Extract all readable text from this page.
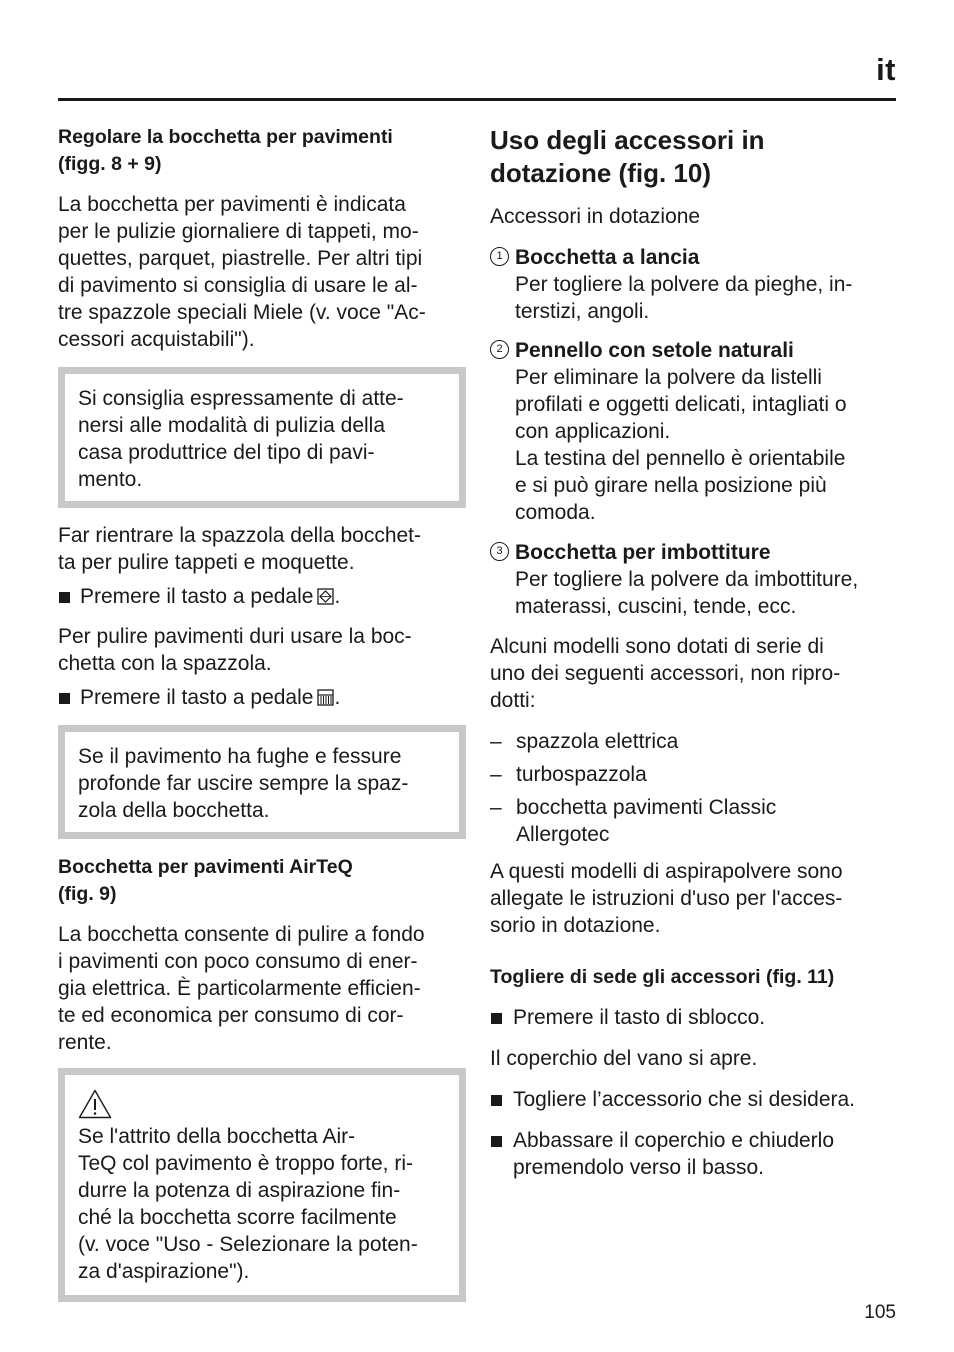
it
Regolare la bocchetta per pavimenti
(figg. 8 + 9)

La bocchetta per pavimenti è indicata
per le pulizie giornaliere di tappeti, mo-
quettes, parquet, piastrelle. Per altri tipi
di pavimento si consiglia di usare le al-
tre spazzole speciali Miele (v. voce "Ac-
cessori acquistabili").

Si consiglia espressamente di atte-
nersi alle modalità di pulizia della
casa produttrice del tipo di pavi-
mento.

Far rientrare la spazzola della bocchet-
ta per pulire tappeti e moquette.

Premere il tasto a pedale .

Per pulire pavimenti duri usare la boc-
chetta con la spazzola.

Premere il tasto a pedale .

Se il pavimento ha fughe e fessure
profonde far uscire sempre la spaz-
zola della bocchetta.

Bocchetta per pavimenti AirTeQ
(fig. 9)

La bocchetta consente di pulire a fondo
i pavimenti con poco consumo di ener-
gia elettrica. È particolarmente efficien-
te ed economica per consumo di cor-
rente.

Se l'attrito della bocchetta Air-
TeQ col pavimento è troppo forte, ri-
durre la potenza di aspirazione fin-
ché la bocchetta scorre facilmente
(v. voce "Uso - Selezionare la poten-
za d'aspirazione").

Uso degli accessori in
dotazione (fig. 10)

Accessori in dotazione

1 Bocchetta a lancia
Per togliere la polvere da pieghe, in-
terstizi, angoli.
2 Pennello con setole naturali
Per eliminare la polvere da listelli
profilati e oggetti delicati, intagliati o
con applicazioni.
La testina del pennello è orientabile
e si può girare nella posizione più
comoda.
3 Bocchetta per imbottiture
Per togliere la polvere da imbottiture,
materassi, cuscini, tende, ecc.

Alcuni modelli sono dotati di serie di
uno dei seguenti accessori, non ripro-
dotti:

– spazzola elettrica

– turbospazzola

– bocchetta pavimenti Classic
Allergotec

A questi modelli di aspirapolvere sono
allegate le istruzioni d'uso per l'acces-
sorio in dotazione.

Togliere di sede gli accessori (fig. 11)

Premere il tasto di sblocco.

Il coperchio del vano si apre.

Togliere l’accessorio che si desidera.

Abbassare il coperchio e chiuderlo
premendolo verso il basso.

105
